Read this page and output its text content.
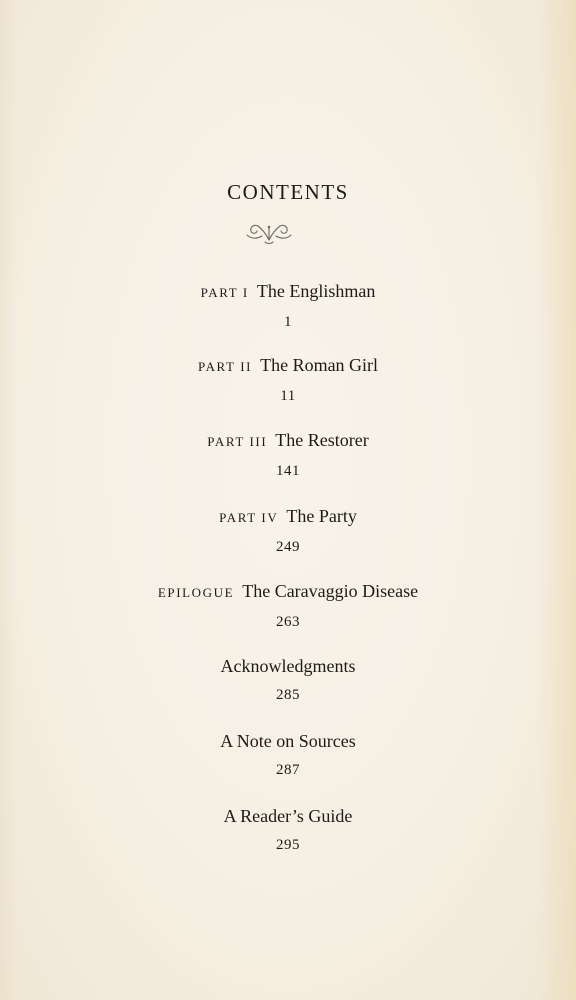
CONTENTS
PART I The Englishman
1
PART II The Roman Girl
11
PART III The Restorer
141
PART IV The Party
249
EPILOGUE The Caravaggio Disease
263
Acknowledgments
285
A Note on Sources
287
A Reader’s Guide
295
